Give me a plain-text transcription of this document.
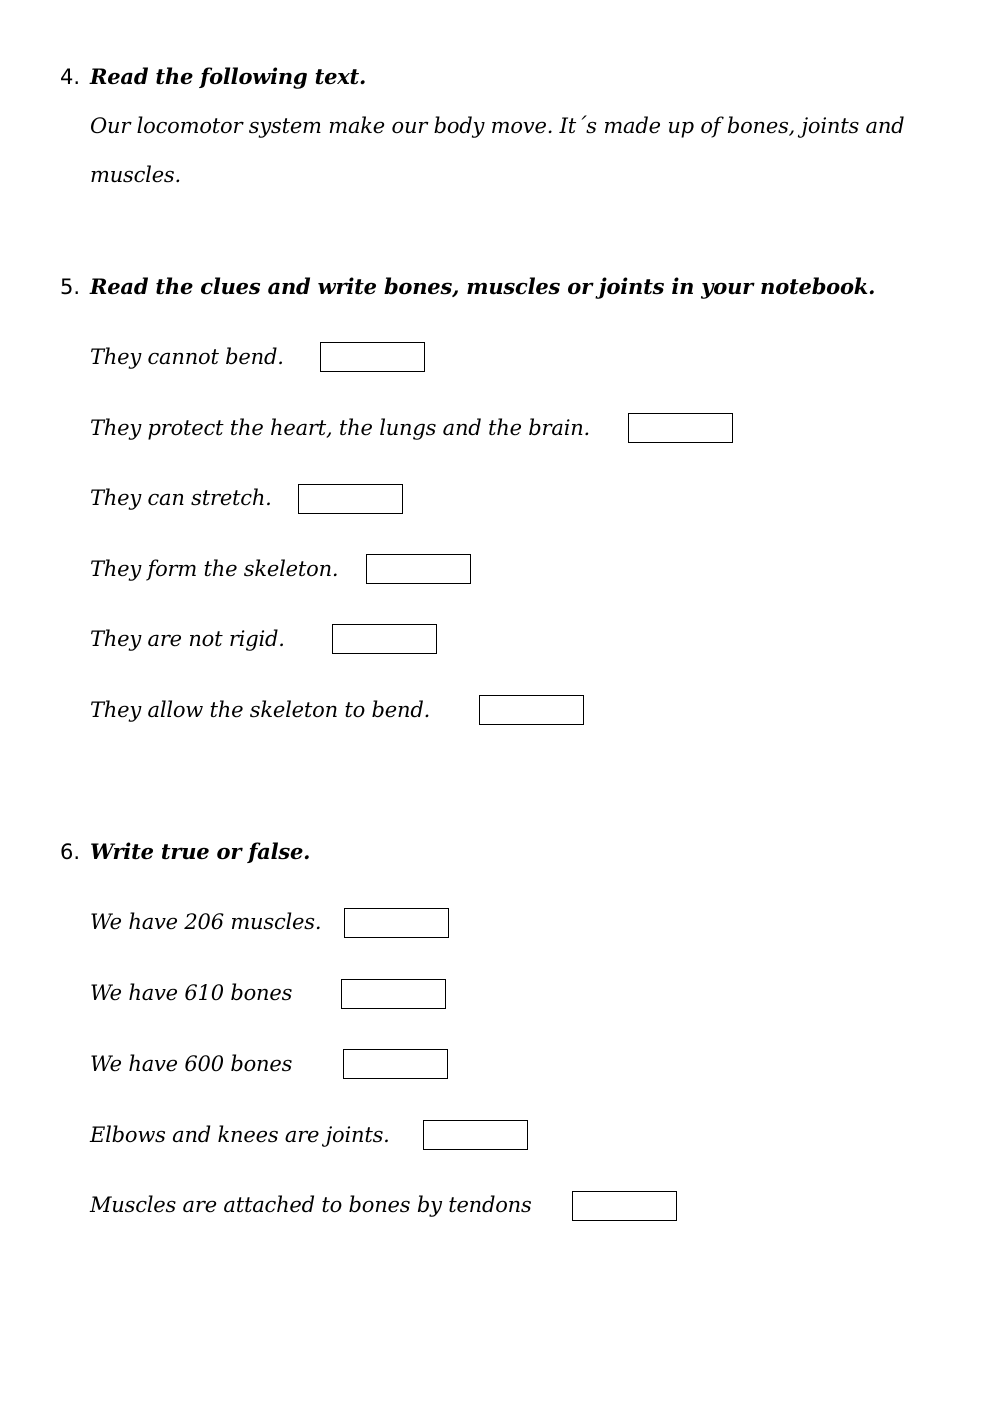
4. Read the following text.
Our locomotor system make our body move. It´s made up of bones, joints and
muscles.
5. Read the clues and write bones, muscles or joints in your notebook.
They cannot bend.
They protect the heart, the lungs and the brain.
They can stretch.
They form the skeleton.
They are not rigid.
They allow the skeleton to bend.
6. Write true or false.
We have 206 muscles.
We have 610 bones
We have 600 bones
Elbows and knees are joints.
Muscles are attached to bones by tendons
